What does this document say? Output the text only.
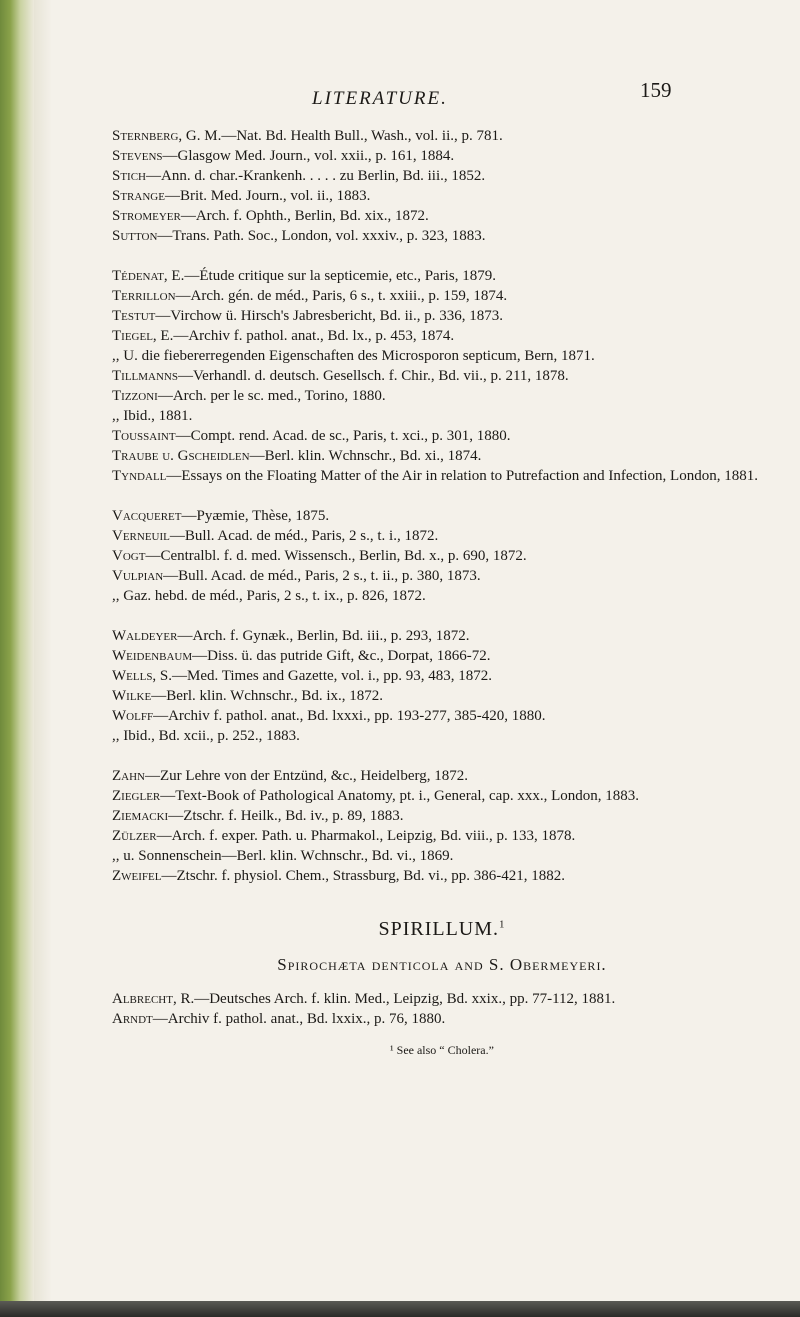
LITERATURE.	159
Sternberg, G. M.—Nat. Bd. Health Bull., Wash., vol. ii., p. 781.
Stevens—Glasgow Med. Journ., vol. xxii., p. 161, 1884.
Stich—Ann. d. char.-Krankenh. . . . . zu Berlin, Bd. iii., 1852.
Strange—Brit. Med. Journ., vol. ii., 1883.
Stromeyer—Arch. f. Ophth., Berlin, Bd. xix., 1872.
Sutton—Trans. Path. Soc., London, vol. xxxiv., p. 323, 1883.
Tédenat, E.—Étude critique sur la septicemie, etc., Paris, 1879.
Terrillon—Arch. gén. de méd., Paris, 6 s., t. xxiii., p. 159, 1874.
Testut—Virchow ü. Hirsch's Jabresbericht, Bd. ii., p. 336, 1873.
Tiegel, E.—Archiv f. pathol. anat., Bd. lx., p. 453, 1874.
,, U. die fiebererregenden Eigenschaften des Microsporon septicum, Bern, 1871.
Tillmanns—Verhandl. d. deutsch. Gesellsch. f. Chir., Bd. vii., p. 211, 1878.
Tizzoni—Arch. per le sc. med., Torino, 1880.
,, Ibid., 1881.
Toussaint—Compt. rend. Acad. de sc., Paris, t. xci., p. 301, 1880.
Traube u. Gscheidlen—Berl. klin. Wchnschr., Bd. xi., 1874.
Tyndall—Essays on the Floating Matter of the Air in relation to Putrefaction and Infection, London, 1881.
Vacqueret—Pyæmie, Thèse, 1875.
Verneuil—Bull. Acad. de méd., Paris, 2 s., t. i., 1872.
Vogt—Centralbl. f. d. med. Wissensch., Berlin, Bd. x., p. 690, 1872.
Vulpian—Bull. Acad. de méd., Paris, 2 s., t. ii., p. 380, 1873.
,, Gaz. hebd. de méd., Paris, 2 s., t. ix., p. 826, 1872.
Waldeyer—Arch. f. Gynæk., Berlin, Bd. iii., p. 293, 1872.
Weidenbaum—Diss. ü. das putride Gift, &c., Dorpat, 1866-72.
Wells, S.—Med. Times and Gazette, vol. i., pp. 93, 483, 1872.
Wilke—Berl. klin. Wchnschr., Bd. ix., 1872.
Wolff—Archiv f. pathol. anat., Bd. lxxxi., pp. 193-277, 385-420, 1880.
,, Ibid., Bd. xcii., p. 252., 1883.
Zahn—Zur Lehre von der Entzünd, &c., Heidelberg, 1872.
Ziegler—Text-Book of Pathological Anatomy, pt. i., General, cap. xxx., London, 1883.
Ziemacki—Ztschr. f. Heilk., Bd. iv., p. 89, 1883.
Zülzer—Arch. f. exper. Path. u. Pharmakol., Leipzig, Bd. viii., p. 133, 1878.
,, u. Sonnenschein—Berl. klin. Wchnschr., Bd. vi., 1869.
Zweifel—Ztschr. f. physiol. Chem., Strassburg, Bd. vi., pp. 386-421, 1882.
SPIRILLUM.$^1$
Spirochæta denticola and S. Obermeyeri.
Albrecht, R.—Deutsches Arch. f. klin. Med., Leipzig, Bd. xxix., pp. 77-112, 1881.
Arndt—Archiv f. pathol. anat., Bd. lxxix., p. 76, 1880.
¹ See also “ Cholera.”
